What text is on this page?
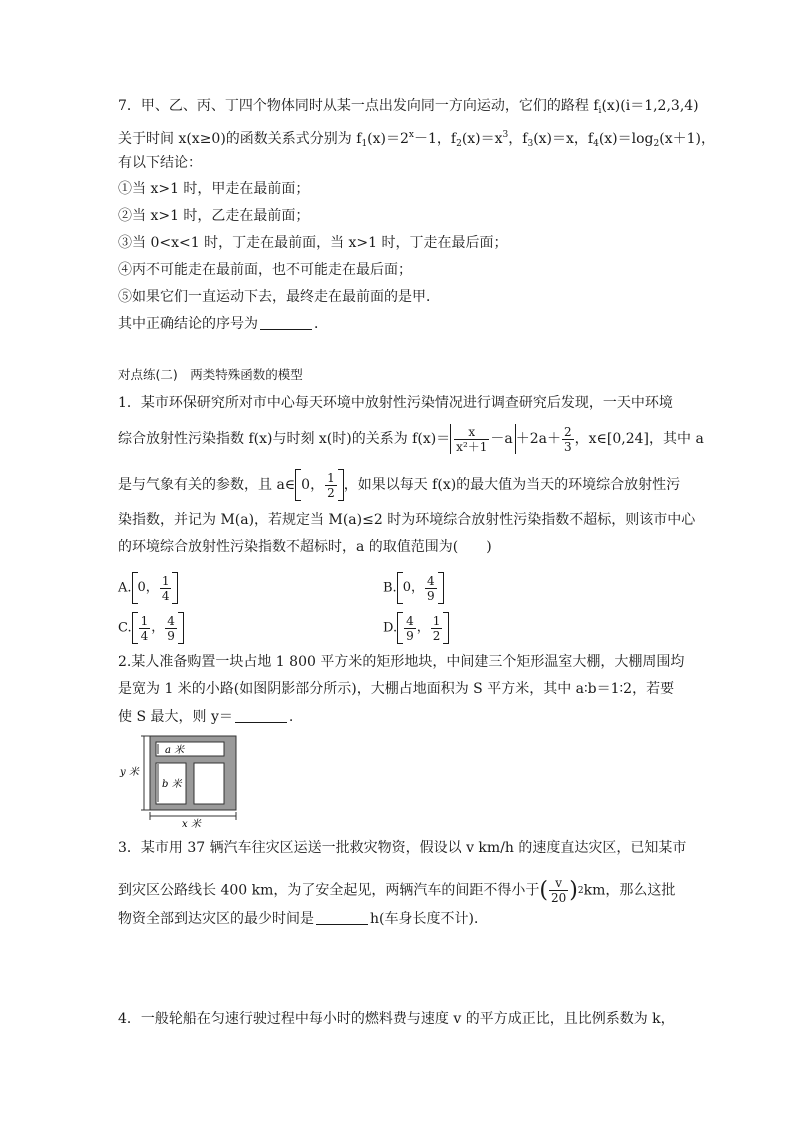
7．甲、乙、丙、丁四个物体同时从某一点出发向同一方向运动，它们的路程 $f_i(x)(i=1,2,3,4)$
关于时间 x(x≥0)的函数关系式分别为 $f_1(x)=2^x-1$，$f_2(x)=x^3$，$f_3(x)=x$，$f_4(x)=\log_2(x+1)$，
有以下结论：
①当 x>1 时，甲走在最前面；
②当 x>1 时，乙走在最前面；
③当 0<x<1 时，丁走在最前面，当 x>1 时，丁走在最后面；
④丙不可能走在最前面，也不可能走在最后面；
⑤如果它们一直运动下去，最终走在最前面的是甲．
其中正确结论的序号为	．
对点练(二)　两类特殊函数的模型
1．某市环保研究所对市中心每天环境中放射性污染情况进行调查研究后发现，一天中环境
综合放射性污染指数 f(x)与时刻 x(时)的关系为 $f(x)= \frac{x}{\text{x²＋1}} -a +2a+ \frac{2}{3}$ ，x∈[0,24]，其中 a
是与气象有关的参数，且 a∈ 0， $\frac{1}{2}$ ，如果以每天 f(x)的最大值为当天的环境综合放射性污
染指数，并记为 M(a)，若规定当 M(a)≤2 时为环境综合放射性污染指数不超标，则该市中心
的环境综合放射性污染指数不超标时，a 的取值范围为(　　)
A. 0， $\frac{1}{4}$	B. 0， $\frac{4}{9}$
C. $\frac{1}{4}$ ， $\frac{4}{9}$	D. $\frac{4}{9}$ ， $\frac{1}{2}$
2.某人准备购置一块占地 1 800 平方米的矩形地块，中间建三个矩形温室大棚，大棚周围均
是宽为 1 米的小路(如图阴影部分所示)，大棚占地面积为 S 平方米，其中 a∶b＝1∶2，若要
使 S 最大，则 y＝	.
a 米
b 米
x 米
y 米
3．某市用 37 辆汽车往灾区运送一批救灾物资，假设以 v km/h 的速度直达灾区，已知某市
到灾区公路线长 400 km，为了安全起见，两辆汽车的间距不得小于 ( $\frac{v}{20}$ ) 2 km，那么这批
物资全部到达灾区的最少时间是	h(车身长度不计)．
4．一般轮船在匀速行驶过程中每小时的燃料费与速度 v 的平方成正比，且比例系数为 k，
